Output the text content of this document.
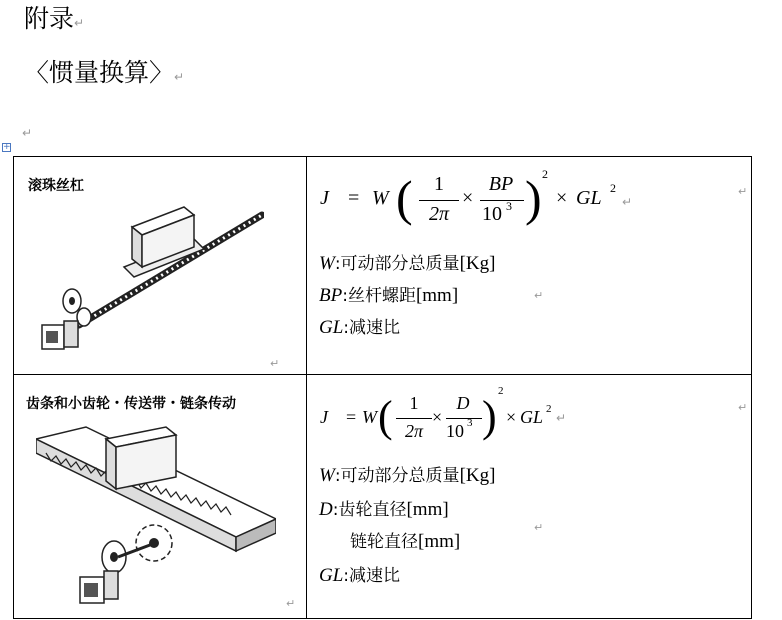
附录↵
〈惯量换算〉↵
↵
+
滚珠丝杠
↵
J = W (	1
2π
×
BP
10 3 ) 2
× GL 2
↵
↵
W:可动部分总质量[Kg]
BP:丝杆螺距[mm]	↵
GL:减速比
齿条和小齿轮・传送带・链条传动
↵
J = W ( 1
2π
×
D
10 3 )
2
× GL 2
↵
↵
W:可动部分总质量[Kg]
D:齿轮直径[mm]
↵
链轮直径[mm]
GL:减速比
